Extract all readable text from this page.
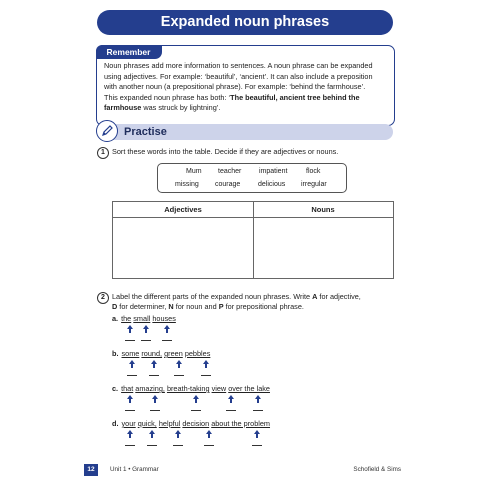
Expanded noun phrases
Remember
Noun phrases add more information to sentences. A noun phrase can be expanded
using adjectives. For example: ‘beautiful’, ‘ancient’. It can also include a preposition
with another noun (a prepositional phrase). For example: ‘behind the farmhouse’.
This expanded noun phrase has both: ‘The beautiful, ancient tree behind the farmhouse was struck by lightning’.
Practise
1 Sort these words into the table. Decide if they are adjectives or nouns.
Mum teacher	impatient	flock
missing courage	delicious irregular
Adjectives	Nouns
2 Label the different parts of the expanded noun phrases. Write A for adjective,
D for determiner, N for noun and P for prepositional phrase.
a. the small houses
b. some round, green pebbles
c. that amazing, breath-taking view over the lake
d. your quick, helpful decision about the problem
12	Unit 1 • Grammar	Schofield & Sims
